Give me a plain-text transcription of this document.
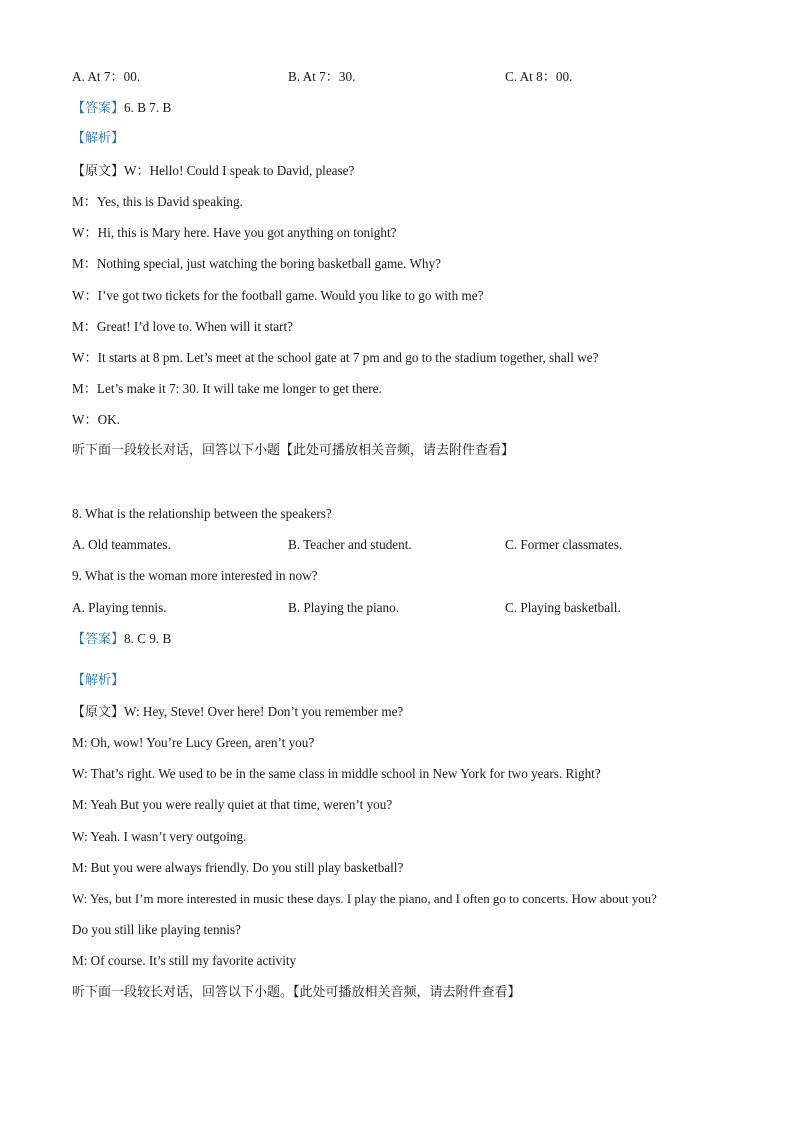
A. At 7：00.	B. At 7：30.	C. At 8：00.
【答案】6. B 7. B
【解析】
【原文】W：Hello! Could I speak to David, please?
M：Yes, this is David speaking.
W：Hi, this is Mary here. Have you got anything on tonight?
M：Nothing special, just watching the boring basketball game. Why?
W：I’ve got two tickets for the football game. Would you like to go with me?
M：Great! I’d love to. When will it start?
W：It starts at 8 pm. Let’s meet at the school gate at 7 pm and go to the stadium together, shall we?
M：Let’s make it 7: 30. It will take me longer to get there.
W：OK.
听下面一段较长对话，回答以下小题【此处可播放相关音频，请去附件查看】
8. What is the relationship between the speakers?
A. Old teammates.	B. Teacher and student.	C. Former classmates.
9. What is the woman more interested in now?
A. Playing tennis.	B. Playing the piano.	C. Playing basketball.
【答案】8. C 9. B
【解析】
【原文】W: Hey, Steve! Over here! Don’t you remember me?
M: Oh, wow! You’re Lucy Green, aren’t you?
W: That’s right. We used to be in the same class in middle school in New York for two years. Right?
M: Yeah But you were really quiet at that time, weren’t you?
W: Yeah. I wasn’t very outgoing.
M: But you were always friendly. Do you still play basketball?
W: Yes, but I’m more interested in music these days. I play the piano, and I often go to concerts. How about you?
Do you still like playing tennis?
M: Of course. It’s still my favorite activity
听下面一段较长对话，回答以下小题。【此处可播放相关音频，请去附件查看】
